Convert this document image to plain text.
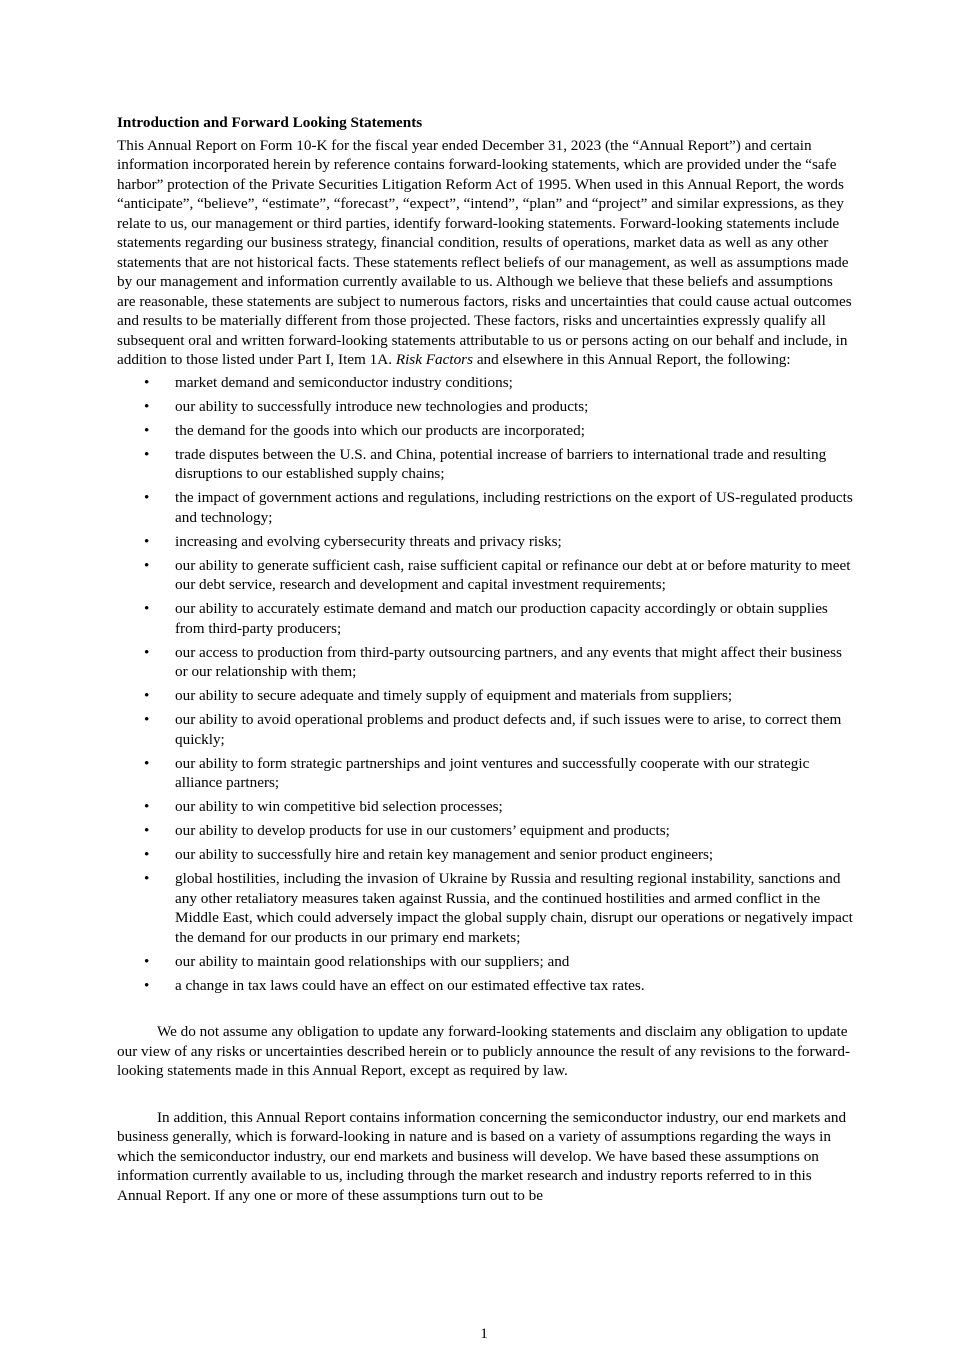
Introduction and Forward Looking Statements

This Annual Report on Form 10-K for the fiscal year ended December 31, 2023 (the “Annual Report”) and certain information incorporated herein by reference contains forward-looking statements, which are provided under the “safe harbor” protection of the Private Securities Litigation Reform Act of 1995. When used in this Annual Report, the words “anticipate”, “believe”, “estimate”, “forecast”, “expect”, “intend”, “plan” and “project” and similar expressions, as they relate to us, our management or third parties, identify forward-looking statements. Forward-looking statements include statements regarding our business strategy, financial condition, results of operations, market data as well as any other statements that are not historical facts. These statements reflect beliefs of our management, as well as assumptions made by our management and information currently available to us. Although we believe that these beliefs and assumptions are reasonable, these statements are subject to numerous factors, risks and uncertainties that could cause actual outcomes and results to be materially different from those projected. These factors, risks and uncertainties expressly qualify all subsequent oral and written forward-looking statements attributable to us or persons acting on our behalf and include, in addition to those listed under Part I, Item 1A. Risk Factors and elsewhere in this Annual Report, the following:

• market demand and semiconductor industry conditions;
• our ability to successfully introduce new technologies and products;
• the demand for the goods into which our products are incorporated;
• trade disputes between the U.S. and China, potential increase of barriers to international trade and resulting disruptions to our established supply chains;
• the impact of government actions and regulations, including restrictions on the export of US-regulated products and technology;
• increasing and evolving cybersecurity threats and privacy risks;
• our ability to generate sufficient cash, raise sufficient capital or refinance our debt at or before maturity to meet our debt service, research and development and capital investment requirements;
• our ability to accurately estimate demand and match our production capacity accordingly or obtain supplies from third-party producers;
• our access to production from third-party outsourcing partners, and any events that might affect their business or our relationship with them;
• our ability to secure adequate and timely supply of equipment and materials from suppliers;
• our ability to avoid operational problems and product defects and, if such issues were to arise, to correct them quickly;
• our ability to form strategic partnerships and joint ventures and successfully cooperate with our strategic alliance partners;
• our ability to win competitive bid selection processes;
• our ability to develop products for use in our customers’ equipment and products;
• our ability to successfully hire and retain key management and senior product engineers;
• global hostilities, including the invasion of Ukraine by Russia and resulting regional instability, sanctions and any other retaliatory measures taken against Russia, and the continued hostilities and armed conflict in the Middle East, which could adversely impact the global supply chain, disrupt our operations or negatively impact the demand for our products in our primary end markets;
• our ability to maintain good relationships with our suppliers; and
• a change in tax laws could have an effect on our estimated effective tax rates.

We do not assume any obligation to update any forward-looking statements and disclaim any obligation to update our view of any risks or uncertainties described herein or to publicly announce the result of any revisions to the forward-looking statements made in this Annual Report, except as required by law.

In addition, this Annual Report contains information concerning the semiconductor industry, our end markets and business generally, which is forward-looking in nature and is based on a variety of assumptions regarding the ways in which the semiconductor industry, our end markets and business will develop. We have based these assumptions on information currently available to us, including through the market research and industry reports referred to in this Annual Report. If any one or more of these assumptions turn out to be

1
